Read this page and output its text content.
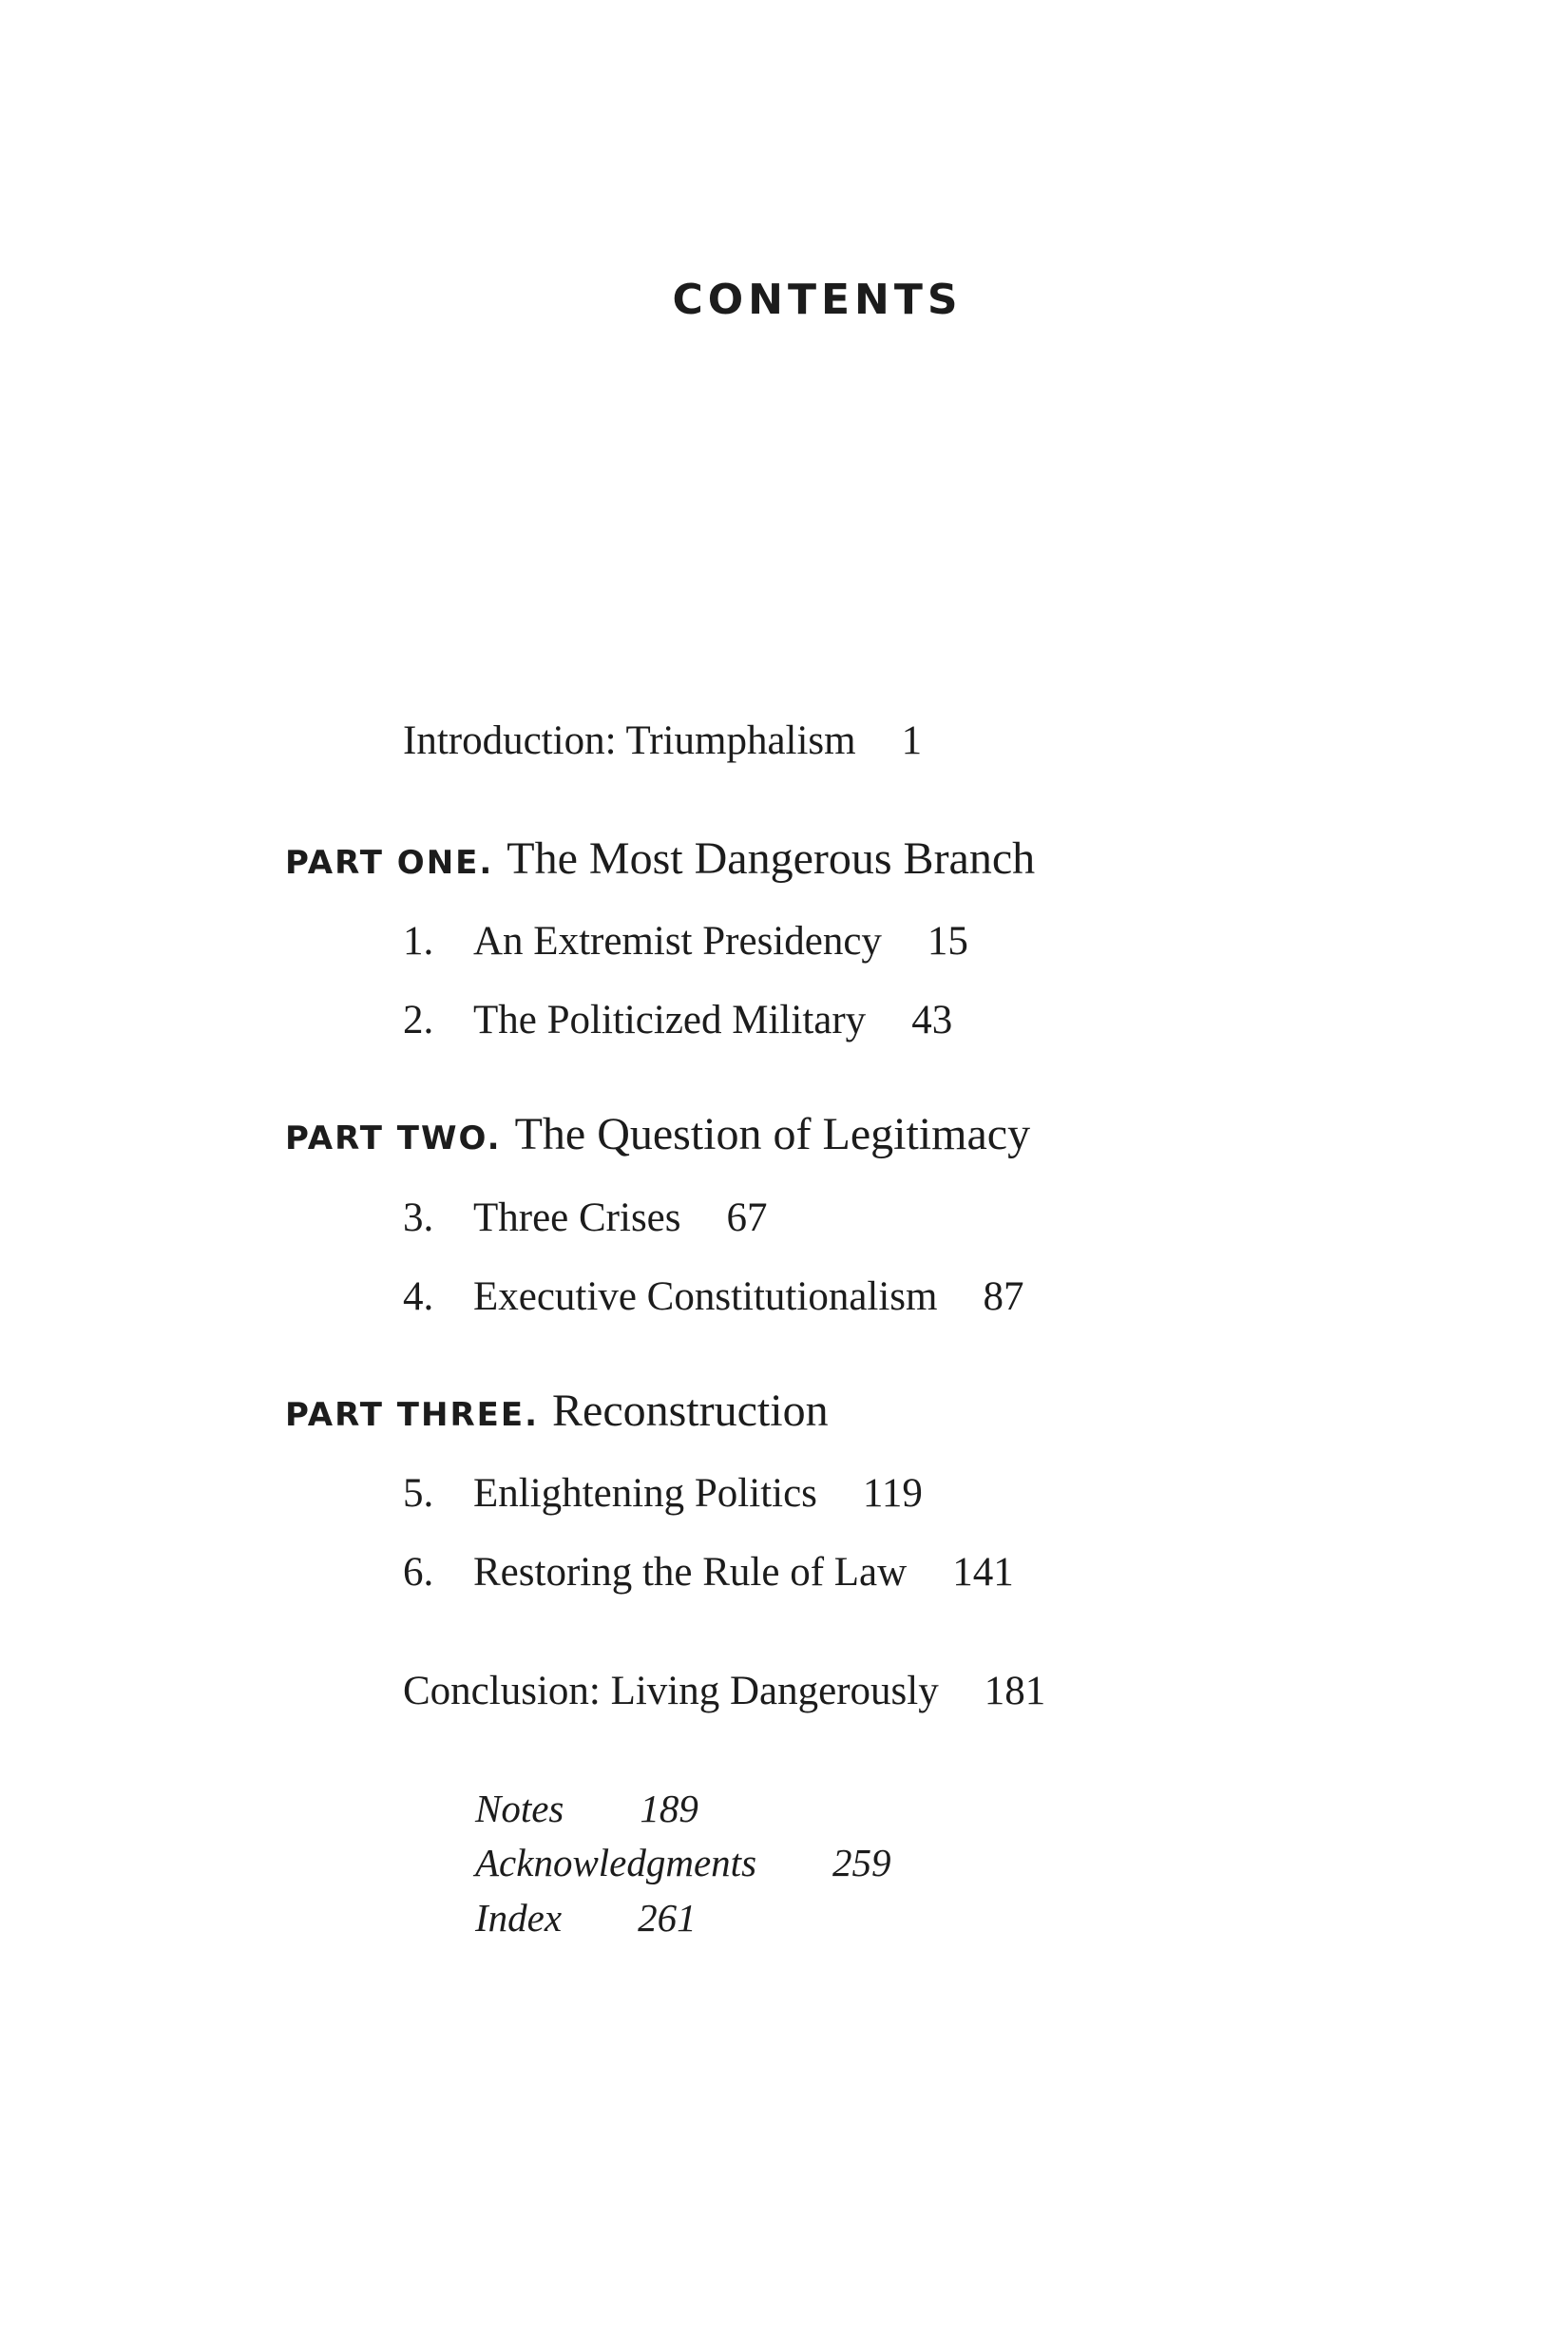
CONTENTS
Introduction: Triumphalism 1
PART ONE. The Most Dangerous Branch
1. An Extremist Presidency 15
2. The Politicized Military 43
PART TWO. The Question of Legitimacy
3. Three Crises 67
4. Executive Constitutionalism 87
PART THREE. Reconstruction
5. Enlightening Politics 119
6. Restoring the Rule of Law 141
Conclusion: Living Dangerously 181
Notes 189
Acknowledgments 259
Index 261
